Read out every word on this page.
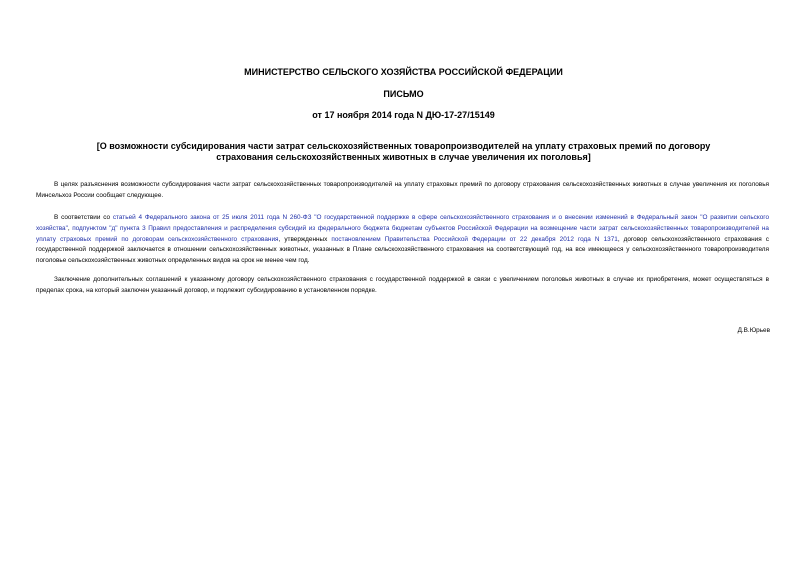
МИНИСТЕРСТВО СЕЛЬСКОГО ХОЗЯЙСТВА РОССИЙСКОЙ ФЕДЕРАЦИИ
ПИСЬМО
от 17 ноября 2014 года N ДЮ-17-27/15149
[О возможности субсидирования части затрат сельскохозяйственных товаропроизводителей на уплату страховых премий по договору страхования сельскохозяйственных животных в случае увеличения их поголовья]

В целях разъяснения возможности субсидирования части затрат сельскохозяйственных товаропроизводителей на уплату страховых премий по договору страхования сельскохозяйственных животных в случае увеличения их поголовья Минсельхоз России сообщает следующее.

В соответствии со статьей 4 Федерального закона от 25 июля 2011 года N 260-ФЗ "О государственной поддержке в сфере сельскохозяйственного страхования и о внесении изменений в Федеральный закон "О развитии сельского хозяйства", подпунктом "д" пункта 3 Правил предоставления и распределения субсидий из федерального бюджета бюджетам субъектов Российской Федерации на возмещение части затрат сельскохозяйственных товаропроизводителей на уплату страховых премий по договорам сельскохозяйственного страхования, утвержденных постановлением Правительства Российской Федерации от 22 декабря 2012 года N 1371, договор сельскохозяйственного страхования с государственной поддержкой заключается в отношении сельскохозяйственных животных, указанных в Плане сельскохозяйственного страхования на соответствующий год, на все имеющееся у сельскохозяйственного товаропроизводителя поголовье сельскохозяйственных животных определенных видов на срок не менее чем год.

Заключение дополнительных соглашений к указанному договору сельскохозяйственного страхования с государственной поддержкой в связи с увеличением поголовья животных в случае их приобретения, может осуществляться в пределах срока, на который заключен указанный договор, и подлежит субсидированию в установленном порядке.

Д.В.Юрьев
